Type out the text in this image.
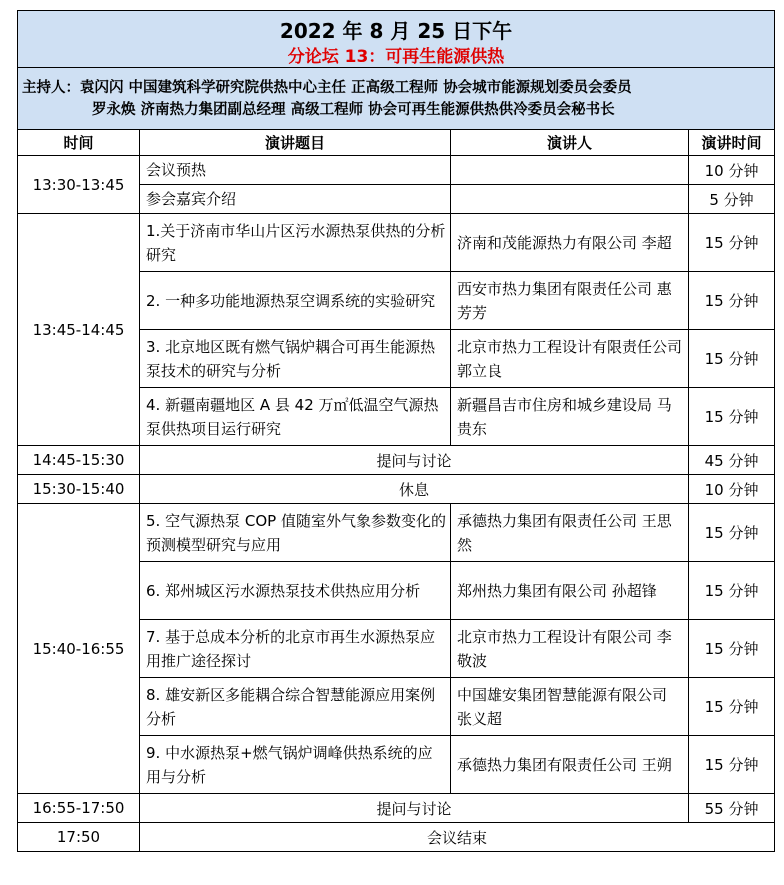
2022 年 8 月 25 日下午
分论坛 13：可再生能源供热			

主持人：袁闪闪 中国建筑科学研究院供热中心主任 正高级工程师 协会城市能源规划委员会委员
罗永焕 济南热力集团副总经理 高级工程师 协会可再生能源供热供冷委员会秘书长			

时间	演讲题目	演讲人	演讲时间
13:30-13:45	会议预热		10 分钟
	参会嘉宾介绍		5 分钟
13:45-14:45	1.关于济南市华山片区污水源热泵供热的分析研究	济南和茂能源热力有限公司 李超	15 分钟
	2. 一种多功能地源热泵空调系统的实验研究	西安市热力集团有限责任公司 惠芳芳	15 分钟
	3. 北京地区既有燃气锅炉耦合可再生能源热泵技术的研究与分析	北京市热力工程设计有限责任公司 郭立良	15 分钟
	4. 新疆南疆地区 A 县 42 万㎡低温空气源热泵供热项目运行研究	新疆昌吉市住房和城乡建设局 马贵东	15 分钟
14:45-15:30	提问与讨论		45 分钟
15:30-15:40	休息		10 分钟
15:40-16:55	5. 空气源热泵 COP 值随室外气象参数变化的预测模型研究与应用	承德热力集团有限责任公司 王思然	15 分钟
	6. 郑州城区污水源热泵技术供热应用分析	郑州热力集团有限公司 孙超锋	15 分钟
	7. 基于总成本分析的北京市再生水源热泵应用推广途径探讨	北京市热力工程设计有限公司 李敬波	15 分钟
	8. 雄安新区多能耦合综合智慧能源应用案例分析	中国雄安集团智慧能源有限公司 张义超	15 分钟
	9. 中水源热泵+燃气锅炉调峰供热系统的应用与分析	承德热力集团有限责任公司 王朔	15 分钟
16:55-17:50	提问与讨论		55 分钟
17:50	会议结束		
